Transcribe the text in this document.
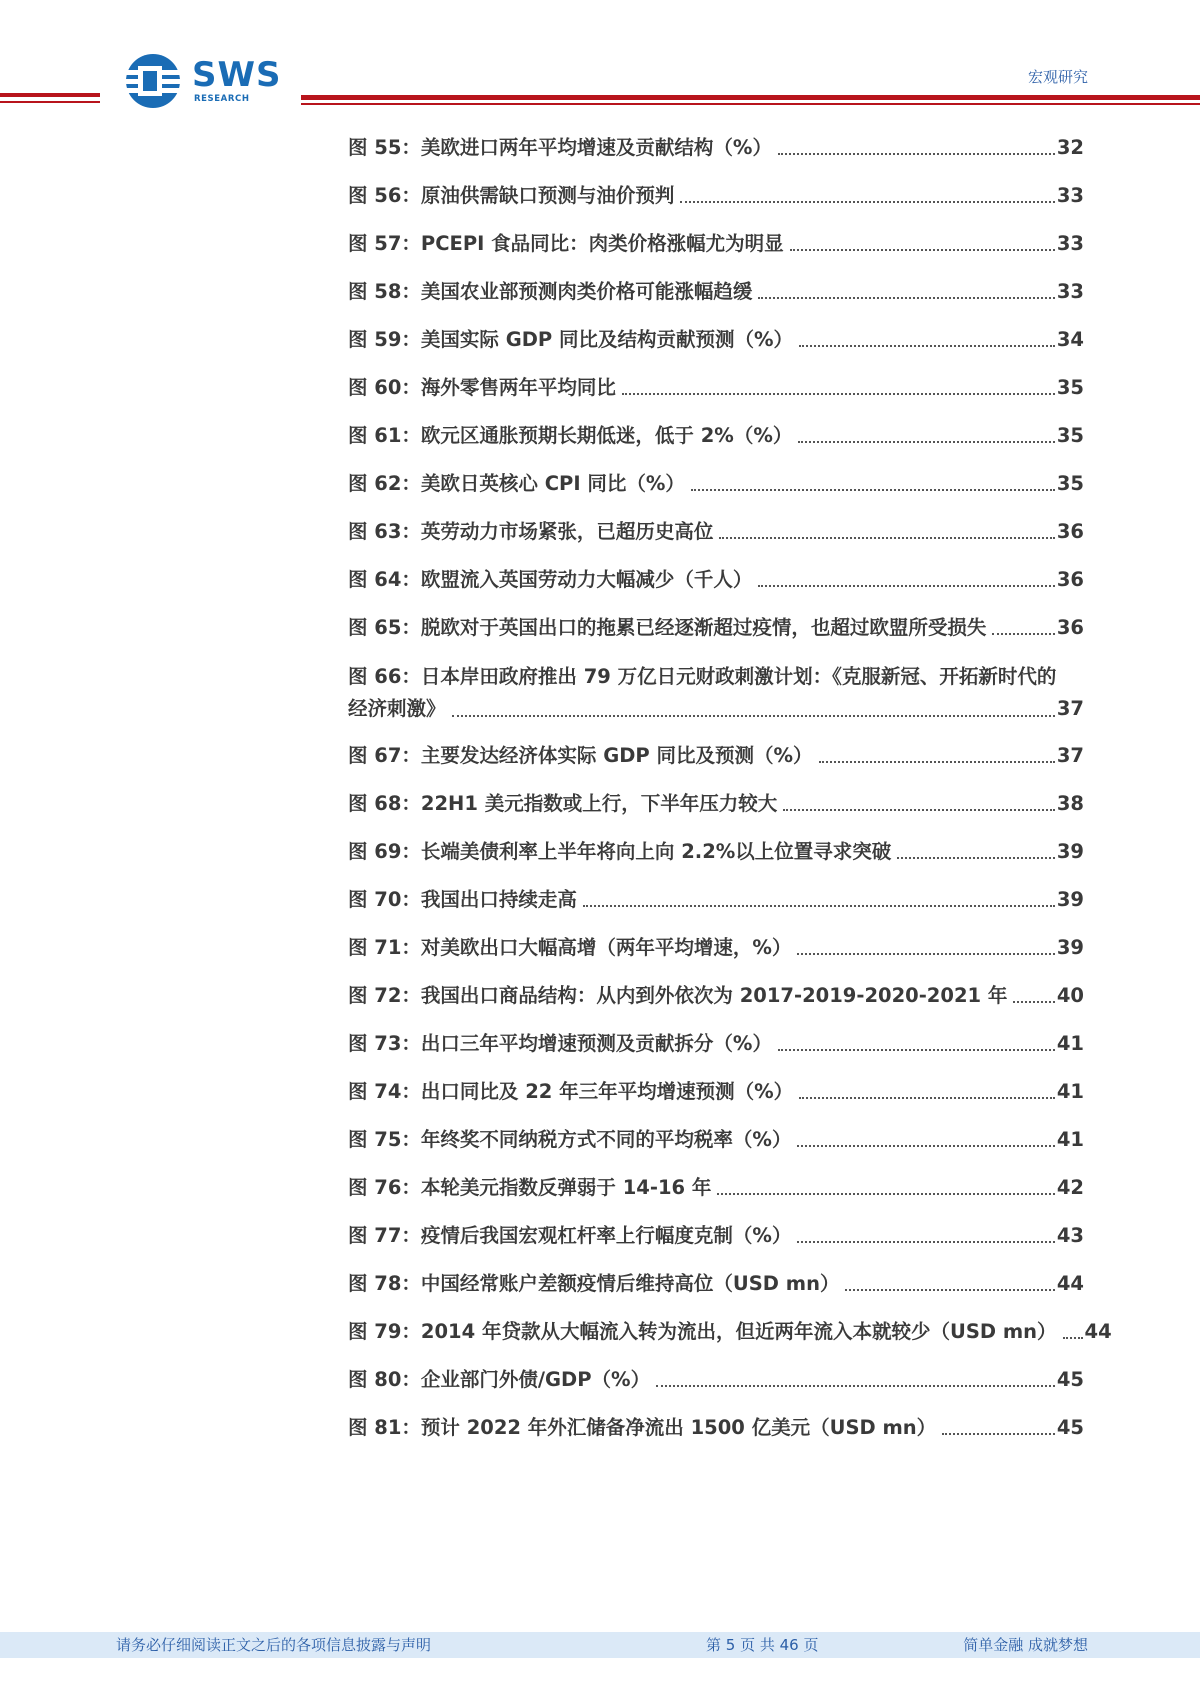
SWS
RESEARCH
宏观研究
图 55：美欧进口两年平均增速及贡献结构（%）	32
图 56：原油供需缺口预测与油价预判	33
图 57：PCEPI 食品同比：肉类价格涨幅尤为明显	33
图 58：美国农业部预测肉类价格可能涨幅趋缓	33
图 59：美国实际 GDP 同比及结构贡献预测（%）	34
图 60：海外零售两年平均同比	35
图 61：欧元区通胀预期长期低迷，低于 2%（%）	35
图 62：美欧日英核心 CPI 同比（%）	35
图 63：英劳动力市场紧张，已超历史高位	36
图 64：欧盟流入英国劳动力大幅减少（千人）	36
图 65：脱欧对于英国出口的拖累已经逐渐超过疫情，也超过欧盟所受损失	36
图 66：日本岸田政府推出 79 万亿日元财政刺激计划：《克服新冠、开拓新时代的
经济刺激》	37
图 67：主要发达经济体实际 GDP 同比及预测（%）	37
图 68：22H1 美元指数或上行，下半年压力较大	38
图 69：长端美债利率上半年将向上向 2.2%以上位置寻求突破	39
图 70：我国出口持续走高	39
图 71：对美欧出口大幅高增（两年平均增速，%）	39
图 72：我国出口商品结构：从内到外依次为 2017-2019-2020-2021 年	40
图 73：出口三年平均增速预测及贡献拆分（%）	41
图 74：出口同比及 22 年三年平均增速预测（%）	41
图 75：年终奖不同纳税方式不同的平均税率（%）	41
图 76：本轮美元指数反弹弱于 14-16 年	42
图 77：疫情后我国宏观杠杆率上行幅度克制（%）	43
图 78：中国经常账户差额疫情后维持高位（USD mn）	44
图 79：2014 年贷款从大幅流入转为流出，但近两年流入本就较少（USD mn） 44
图 80：企业部门外债/GDP（%）	45
图 81：预计 2022 年外汇储备净流出 1500 亿美元（USD mn）	45
请务必仔细阅读正文之后的各项信息披露与声明	第 5 页 共 46 页	简单金融 成就梦想
